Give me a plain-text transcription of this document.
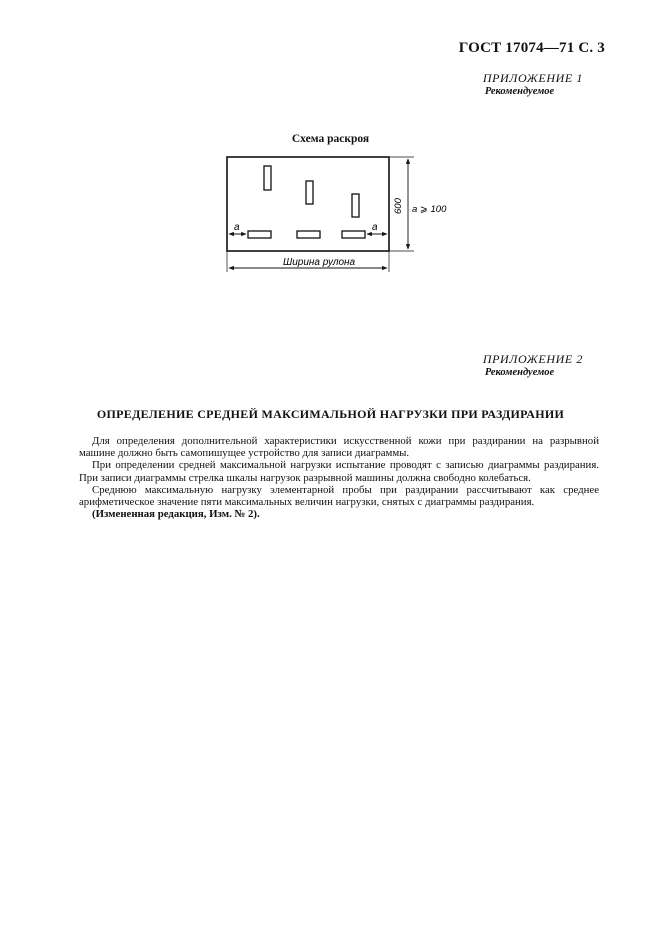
ГОСТ 17074—71 С. 3
ПРИЛОЖЕНИЕ 1
Рекомендуемое
Схема раскроя
a	a
600 a ⩾ 100
Ширина рулона
ПРИЛОЖЕНИЕ 2
Рекомендуемое
ОПРЕДЕЛЕНИЕ СРЕДНЕЙ МАКСИМАЛЬНОЙ НАГРУЗКИ ПРИ РАЗДИРАНИИ

Для определения дополнительной характеристики искусственной кожи при раздирании на разрывной машине должно быть самопишущее устройство для записи диаграммы.

При определении средней максимальной нагрузки испытание проводят с записью диаграммы раздирания. При записи диаграммы стрелка шкалы нагрузок разрывной машины должна свободно колебаться.

Среднюю максимальную нагрузку элементарной пробы при раздирании рассчитывают как среднее арифметическое значение пяти максимальных величин нагрузки, снятых с диаграммы раздирания.

(Измененная редакция, Изм. № 2).
